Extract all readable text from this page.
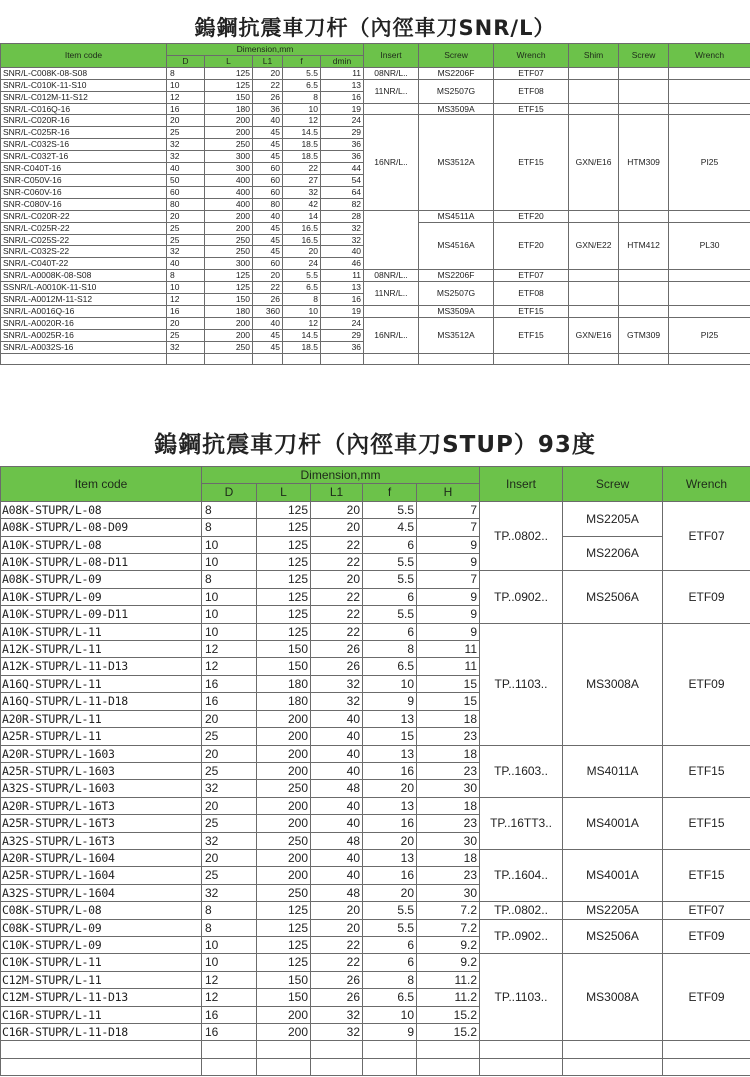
鎢鋼抗震車刀杆（內徑車刀SNR/L）
Item code	Dimension,mm					Insert	Screw	Wrench	Shim	Screw	Wrench
	D	L	L1	f	dmin						
SNR/L-C008K-08-S08	8	125	20	5.5	11	08NR/L..	MS2206F	ETF07			
SNR/L-C010K-11-S10	10	125	22	6.5	13	11NR/L..	MS2507G	ETF08			
SNR/L-C012M-11-S12	12	150	26	8	16						
SNR/L-C016Q-16	16	180	36	10	19		MS3509A	ETF15			
SNR/L-C020R-16	20	200	40	12	24	16NR/L..	MS3512A	ETF15	GXN/E16	HTM309	PI25
SNR/L-C025R-16	25	200	45	14.5	29						
SNR/L-C032S-16	32	250	45	18.5	36						
SNR/L-C032T-16	32	300	45	18.5	36						
SNR-C040T-16	40	300	60	22	44						
SNR-C050V-16	50	400	60	27	54						
SNR-C060V-16	60	400	60	32	64						
SNR-C080V-16	80	400	80	42	82						
SNR/L-C020R-22	20	200	40	14	28		MS4511A	ETF20			
SNR/L-C025R-22	25	200	45	16.5	32		MS4516A	ETF20	GXN/E22	HTM412	PL30
SNR/L-C025S-22	25	250	45	16.5	32						
SNR/L-C032S-22	32	250	45	20	40						
SNR/L-C040T-22	40	300	60	24	46						
SNR/L-A0008K-08-S08	8	125	20	5.5	11	08NR/L..	MS2206F	ETF07			
SSNR/L-A0010K-11-S10	10	125	22	6.5	13	11NR/L..	MS2507G	ETF08			
SNR/L-A0012M-11-S12	12	150	26	8	16						
SNR/L-A0016Q-16	16	180	360	10	19		MS3509A	ETF15			
SNR/L-A0020R-16	20	200	40	12	24	16NR/L..	MS3512A	ETF15	GXN/E16	GTM309	PI25
SNR/L-A0025R-16	25	200	45	14.5	29						
SNR/L-A0032S-16	32	250	45	18.5	36						

鎢鋼抗震車刀杆（內徑車刀STUP）93度
Item code	Dimension,mm					Insert	Screw	Wrench
	D	L	L1	f	H			
A08K-STUPR/L-08	8	125	20	5.5	7	TP..0802..	MS2205A	ETF07
A08K-STUPR/L-08-D09	8	125	20	4.5	7			
A10K-STUPR/L-08	10	125	22	6	9		MS2206A	
A10K-STUPR/L-08-D11	10	125	22	5.5	9			
A08K-STUPR/L-09	8	125	20	5.5	7	TP..0902..	MS2506A	ETF09
A10K-STUPR/L-09	10	125	22	6	9			
A10K-STUPR/L-09-D11	10	125	22	5.5	9			
A10K-STUPR/L-11	10	125	22	6	9	TP..1103..	MS3008A	ETF09
A12K-STUPR/L-11	12	150	26	8	11			
A12K-STUPR/L-11-D13	12	150	26	6.5	11			
A16Q-STUPR/L-11	16	180	32	10	15			
A16Q-STUPR/L-11-D18	16	180	32	9	15			
A20R-STUPR/L-11	20	200	40	13	18			
A25R-STUPR/L-11	25	200	40	15	23			
A20R-STUPR/L-1603	20	200	40	13	18	TP..1603..	MS4011A	ETF15
A25R-STUPR/L-1603	25	200	40	16	23			
A32S-STUPR/L-1603	32	250	48	20	30			
A20R-STUPR/L-16T3	20	200	40	13	18	TP..16TT3..	MS4001A	ETF15
A25R-STUPR/L-16T3	25	200	40	16	23			
A32S-STUPR/L-16T3	32	250	48	20	30			
A20R-STUPR/L-1604	20	200	40	13	18	TP..1604..	MS4001A	ETF15
A25R-STUPR/L-1604	25	200	40	16	23			
A32S-STUPR/L-1604	32	250	48	20	30			
C08K-STUPR/L-08	8	125	20	5.5	7.2	TP..0802..	MS2205A	ETF07
C08K-STUPR/L-09	8	125	20	5.5	7.2	TP..0902..	MS2506A	ETF09
C10K-STUPR/L-09	10	125	22	6	9.2			
C10K-STUPR/L-11	10	125	22	6	9.2	TP..1103..	MS3008A	ETF09
C12M-STUPR/L-11	12	150	26	8	11.2			
C12M-STUPR/L-11-D13	12	150	26	6.5	11.2			
C16R-STUPR/L-11	16	200	32	10	15.2			
C16R-STUPR/L-11-D18	16	200	32	9	15.2			
